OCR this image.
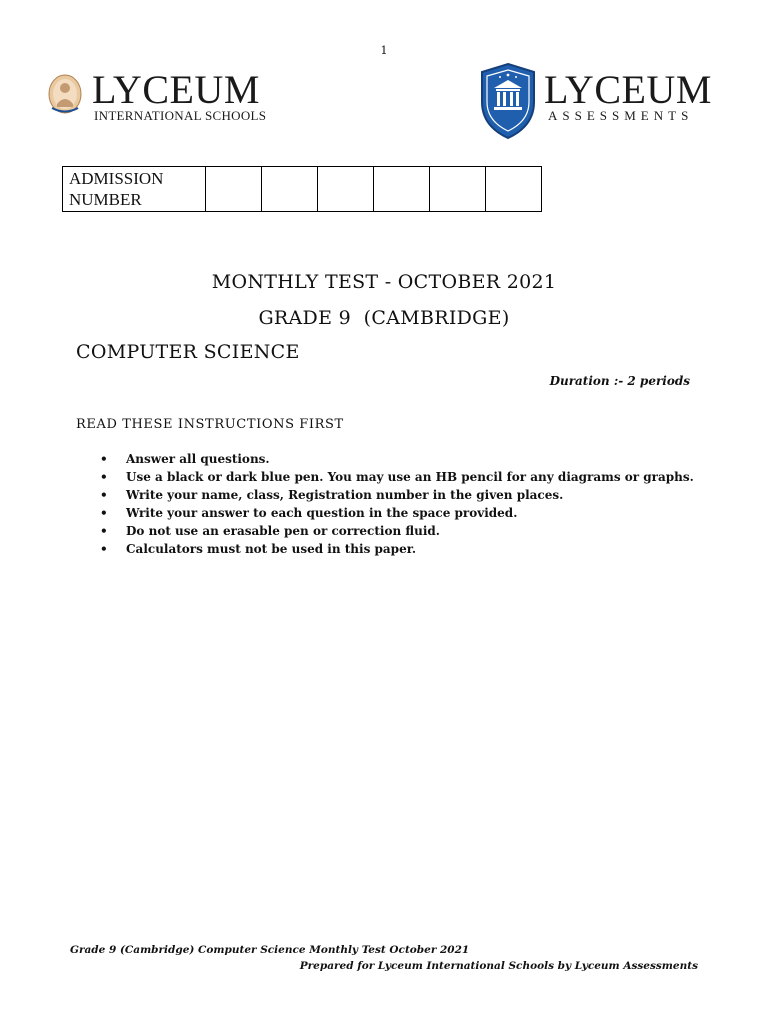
1
LYCEUM
INTERNATIONAL SCHOOLS
LYCEUM
ASSESSMENTS
ADMISSION
NUMBER

MONTHLY TEST - OCTOBER 2021
GRADE 9  (CAMBRIDGE)
COMPUTER SCIENCE
Duration :- 2 periods
READ THESE INSTRUCTIONS FIRST
• Answer all questions.
• Use a black or dark blue pen. You may use an HB pencil for any diagrams or graphs.
• Write your name, class, Registration number in the given places.
• Write your answer to each question in the space provided.
• Do not use an erasable pen or correction fluid.
• Calculators must not be used in this paper.
Grade 9 (Cambridge) Computer Science Monthly Test October 2021
Prepared for Lyceum International Schools by Lyceum Assessments
